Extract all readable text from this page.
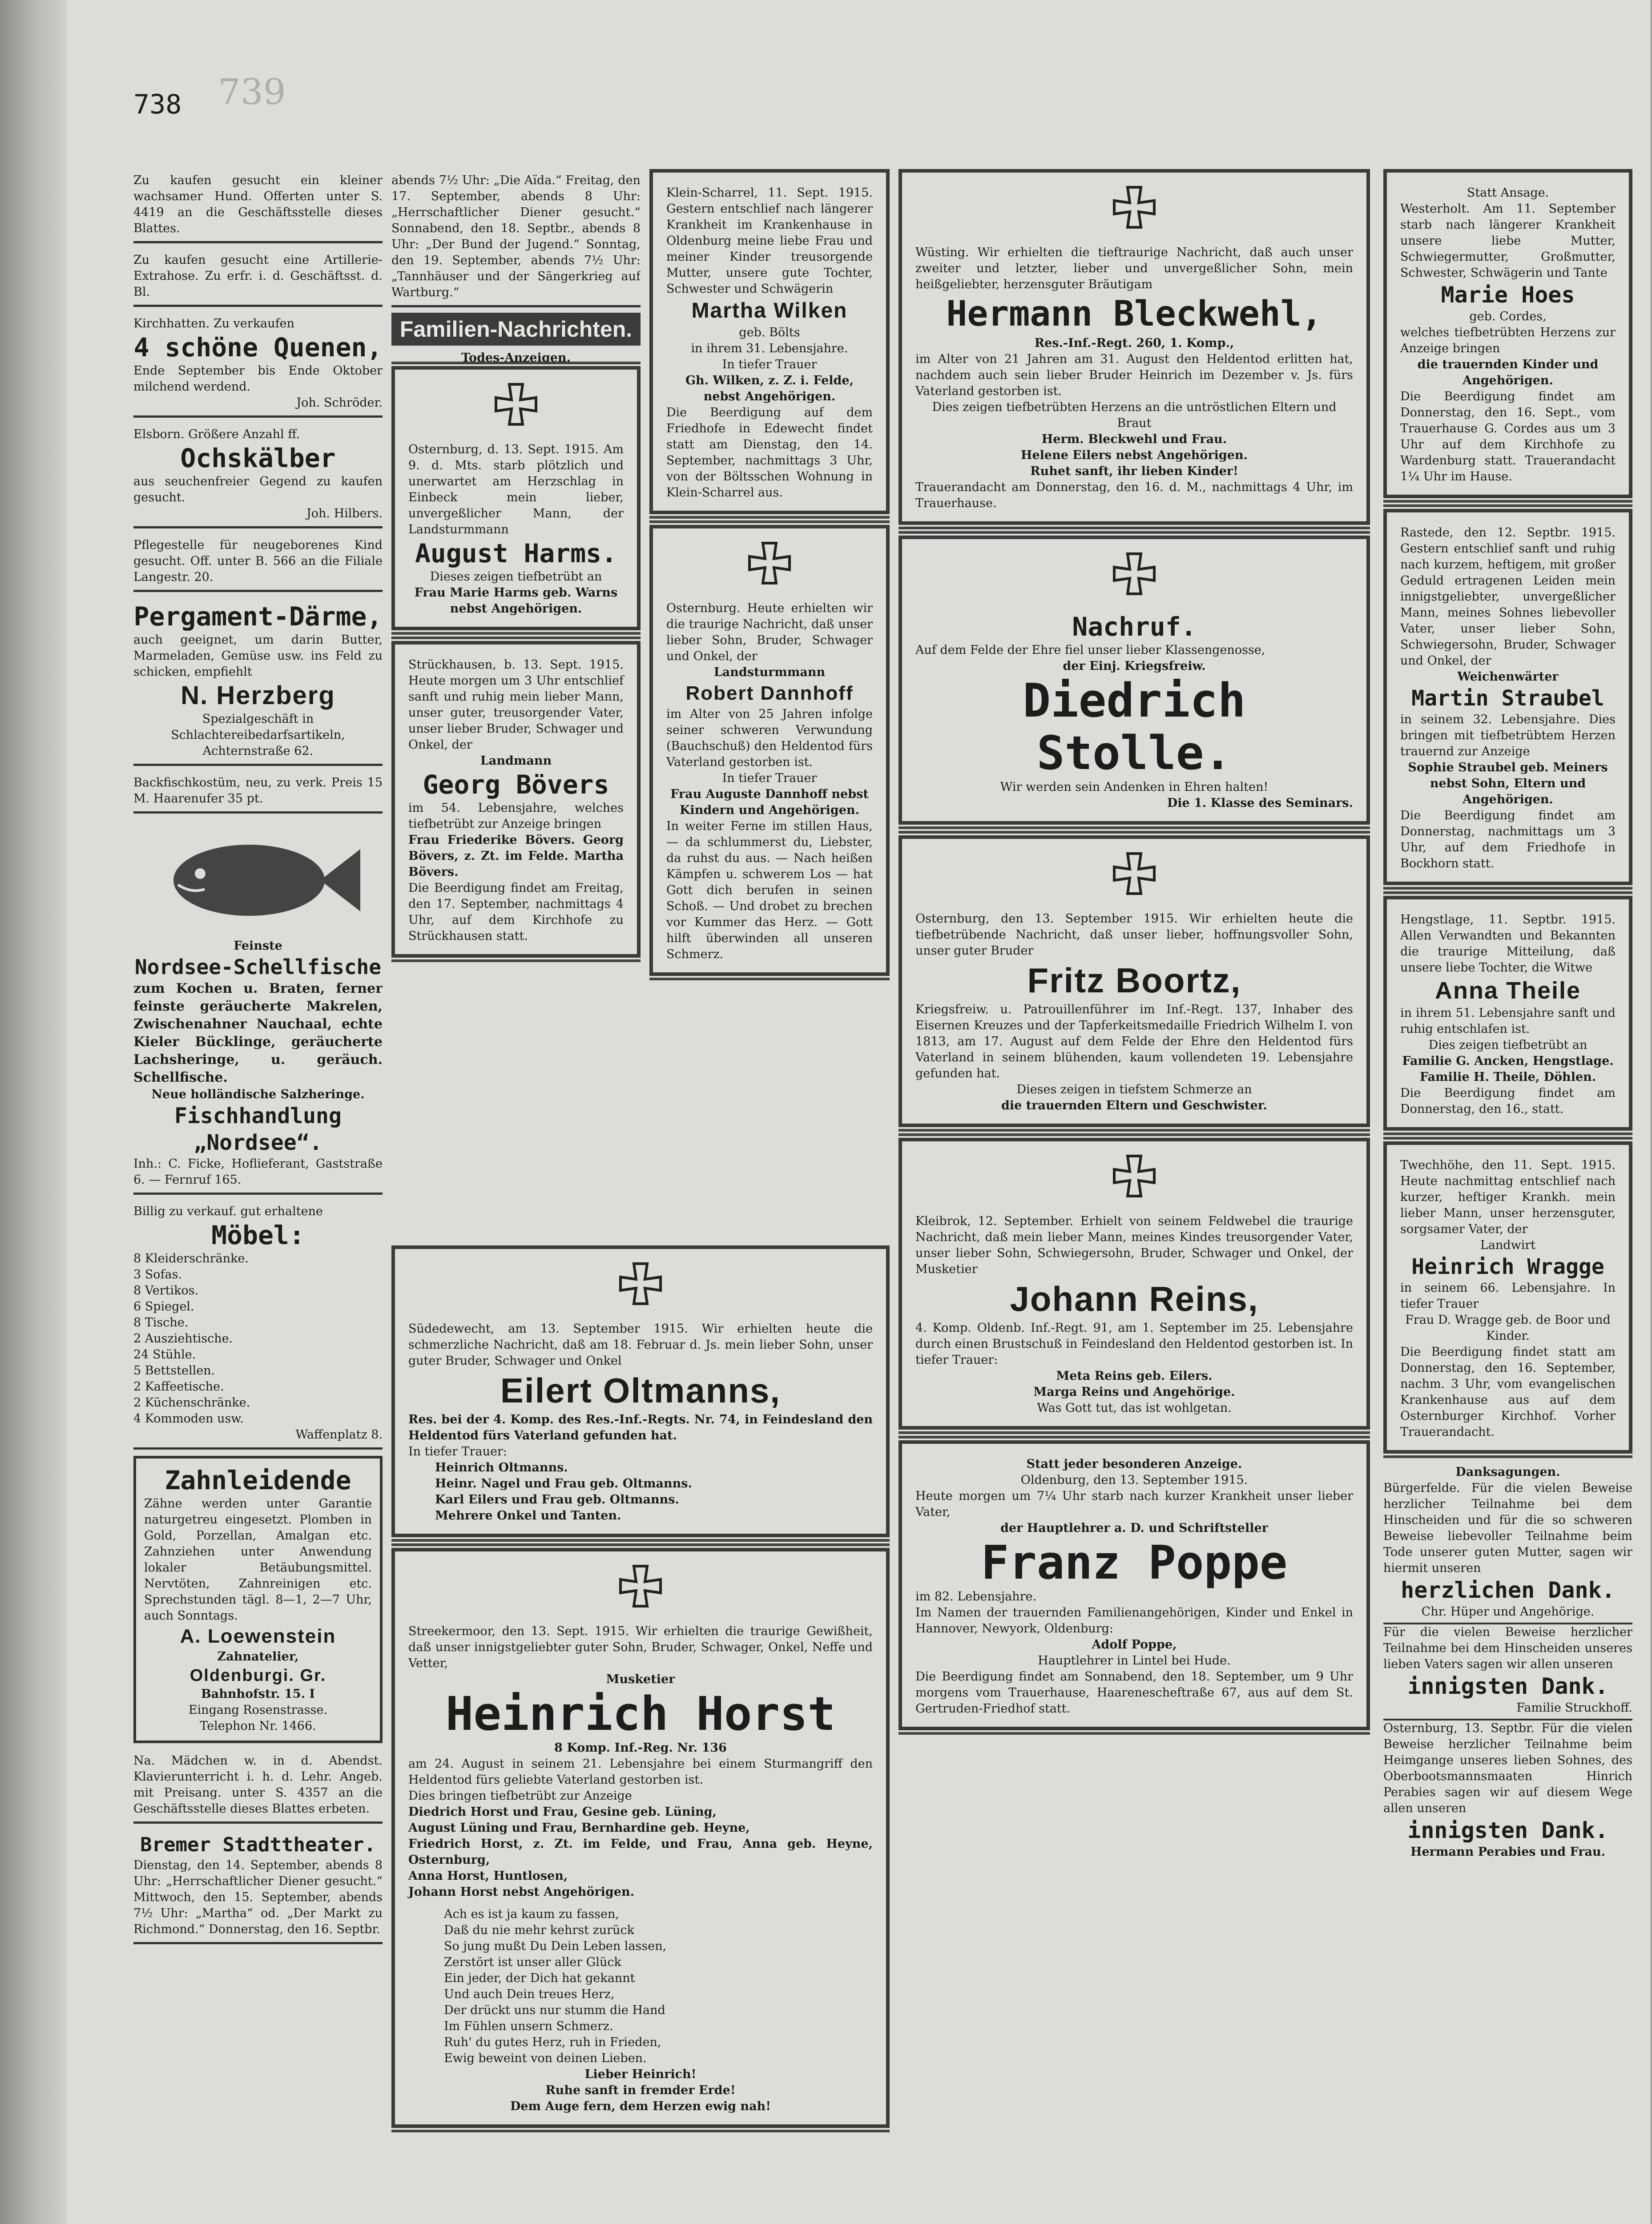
738 739
Zu kaufen gesucht ein kleiner wachsamer Hund. Offerten unter S. 4419 an die Geschäftsstelle dieses Blattes.
Zu kaufen gesucht eine Artillerie-Extrahose. Zu erfr. i. d. Geschäftsst. d. Bl.
Kirchhatten. Zu verkaufen
4 schöne Quenen,
Ende September bis Ende Oktober milchend werdend.
Joh. Schröder.
Elsborn. Größere Anzahl ff.
Ochskälber
aus seuchenfreier Gegend zu kaufen gesucht.
Joh. Hilbers.
Pflegestelle für neugeborenes Kind gesucht. Off. unter B. 566 an die Filiale Langestr. 20.
Pergament-Därme,
auch geeignet, um darin Butter, Marmeladen, Gemüse usw. ins Feld zu schicken, empfiehlt
N. Herzberg
Spezialgeschäft in Schlachtereibedarfsartikeln, Achternstraße 62.
Backfischkostüm, neu, zu verk. Preis 15 M. Haarenufer 35 pt.
Feinste
Nordsee-Schellfische
zum Kochen u. Braten, ferner feinste geräucherte Makrelen, Zwischenahner Nauchaal, echte Kieler Bücklinge, geräucherte Lachsheringe, u. geräuch. Schellfische.
Neue holländische Salzheringe.
Fischhandlung „Nordsee“.
Inh.: C. Ficke, Hoflieferant, Gaststraße 6. — Fernruf 165.
Billig zu verkauf. gut erhaltene
Möbel:
8 Kleiderschränke.
3 Sofas.
8 Vertikos.
6 Spiegel.
8 Tische.
2 Ausziehtische.
24 Stühle.
5 Bettstellen.
2 Kaffeetische.
2 Küchenschränke.
4 Kommoden usw.
Waffenplatz 8.
Zahnleidende
Zähne werden unter Garantie naturgetreu eingesetzt. Plomben in Gold, Porzellan, Amalgan etc. Zahnziehen unter Anwendung lokaler Betäubungsmittel. Nervtöten, Zahnreinigen etc. Sprechstunden tägl. 8—1, 2—7 Uhr, auch Sonntags.
A. Loewenstein
Zahnatelier,
Oldenburgi. Gr.
Bahnhofstr. 15. I
Eingang Rosenstrasse.
Telephon Nr. 1466.
Na. Mädchen w. in d. Abendst. Klavierunterricht i. h. d. Lehr. Angeb. mit Preisang. unter S. 4357 an die Geschäftsstelle dieses Blattes erbeten.
Bremer Stadttheater.
Dienstag, den 14. September, abends 8 Uhr: „Herrschaftlicher Diener gesucht.“ Mittwoch, den 15. September, abends 7½ Uhr: „Martha“ od. „Der Markt zu Richmond.“ Donnerstag, den 16. Septbr.
abends 7½ Uhr: „Die Aïda.“ Freitag, den 17. September, abends 8 Uhr: „Herrschaftlicher Diener gesucht.“ Sonnabend, den 18. Septbr., abends 8 Uhr: „Der Bund der Jugend.“ Sonntag, den 19. September, abends 7½ Uhr: „Tannhäuser und der Sängerkrieg auf Wartburg.“
Familien-Nachrichten.
Todes-Anzeigen.
Osternburg, d. 13. Sept. 1915. Am 9. d. Mts. starb plötzlich und unerwartet am Herzschlag in Einbeck mein lieber, unvergeßlicher Mann, der Landsturmmann
August Harms.
Dieses zeigen tiefbetrübt an
Frau Marie Harms geb. Warns nebst Angehörigen.
Strückhausen, b. 13. Sept. 1915. Heute morgen um 3 Uhr entschlief sanft und ruhig mein lieber Mann, unser guter, treusorgender Vater, unser lieber Bruder, Schwager und Onkel, der
Landmann
Georg Bövers
im 54. Lebensjahre, welches tiefbetrübt zur Anzeige bringen
Frau Friederike Bövers. Georg Bövers, z. Zt. im Felde. Martha Bövers.
Die Beerdigung findet am Freitag, den 17. September, nachmittags 4 Uhr, auf dem Kirchhofe zu Strückhausen statt.
Klein-Scharrel, 11. Sept. 1915. Gestern entschlief nach längerer Krankheit im Krankenhause in Oldenburg meine liebe Frau und meiner Kinder treusorgende Mutter, unsere gute Tochter, Schwester und Schwägerin
Martha Wilken
geb. Bölts
in ihrem 31. Lebensjahre.
In tiefer Trauer
Gh. Wilken, z. Z. i. Felde, nebst Angehörigen.
Die Beerdigung auf dem Friedhofe in Edewecht findet statt am Dienstag, den 14. September, nachmittags 3 Uhr, von der Böltsschen Wohnung in Klein-Scharrel aus.
Osternburg. Heute erhielten wir die traurige Nachricht, daß unser lieber Sohn, Bruder, Schwager und Onkel, der
Landsturmmann
Robert Dannhoff
im Alter von 25 Jahren infolge seiner schweren Verwundung (Bauchschuß) den Heldentod fürs Vaterland gestorben ist.
In tiefer Trauer
Frau Auguste Dannhoff nebst Kindern und Angehörigen.
In weiter Ferne im stillen Haus, — da schlummerst du, Liebster, da ruhst du aus. — Nach heißen Kämpfen u. schwerem Los — hat Gott dich berufen in seinen Schoß. — Und drobet zu brechen vor Kummer das Herz. — Gott hilft überwinden all unseren Schmerz.
Südedewecht, am 13. September 1915. Wir erhielten heute die schmerzliche Nachricht, daß am 18. Februar d. Js. mein lieber Sohn, unser guter Bruder, Schwager und Onkel
Eilert Oltmanns,
Res. bei der 4. Komp. des Res.-Inf.-Regts. Nr. 74, in Feindesland den Heldentod fürs Vaterland gefunden hat.
In tiefer Trauer:
Heinrich Oltmanns.
Heinr. Nagel und Frau geb. Oltmanns.
Karl Eilers und Frau geb. Oltmanns.
Mehrere Onkel und Tanten.
Streekermoor, den 13. Sept. 1915. Wir erhielten die traurige Gewißheit, daß unser innigstgeliebter guter Sohn, Bruder, Schwager, Onkel, Neffe und Vetter,
Musketier
Heinrich Horst
8 Komp. Inf.-Reg. Nr. 136
am 24. August in seinem 21. Lebensjahre bei einem Sturmangriff den Heldentod fürs geliebte Vaterland gestorben ist.
Dies bringen tiefbetrübt zur Anzeige
Diedrich Horst und Frau, Gesine geb. Lüning,
August Lüning und Frau, Bernhardine geb. Heyne,
Friedrich Horst, z. Zt. im Felde, und Frau, Anna geb. Heyne, Osternburg,
Anna Horst, Huntlosen,
Johann Horst nebst Angehörigen.
Ach es ist ja kaum zu fassen,
Daß du nie mehr kehrst zurück
So jung mußt Du Dein Leben lassen,
Zerstört ist unser aller Glück
Ein jeder, der Dich hat gekannt
Und auch Dein treues Herz,
Der drückt uns nur stumm die Hand
Im Fühlen unsern Schmerz.
Ruh' du gutes Herz, ruh in Frieden,
Ewig beweint von deinen Lieben.
Lieber Heinrich!
Ruhe sanft in fremder Erde!
Dem Auge fern, dem Herzen ewig nah!
Wüsting. Wir erhielten die tieftraurige Nachricht, daß auch unser zweiter und letzter, lieber und unvergeßlicher Sohn, mein heißgeliebter, herzensguter Bräutigam
Hermann Bleckwehl,
Res.-Inf.-Regt. 260, 1. Komp.,
im Alter von 21 Jahren am 31. August den Heldentod erlitten hat, nachdem auch sein lieber Bruder Heinrich im Dezember v. Js. fürs Vaterland gestorben ist.
Dies zeigen tiefbetrübten Herzens an die untröstlichen Eltern und Braut
Herm. Bleckwehl und Frau.
Helene Eilers nebst Angehörigen.
Ruhet sanft, ihr lieben Kinder!
Trauerandacht am Donnerstag, den 16. d. M., nachmittags 4 Uhr, im Trauerhause.
Nachruf.
Auf dem Felde der Ehre fiel unser lieber Klassengenosse,
der Einj. Kriegsfreiw.
Diedrich Stolle.
Wir werden sein Andenken in Ehren halten!
Die 1. Klasse des Seminars.
Osternburg, den 13. September 1915. Wir erhielten heute die tiefbetrübende Nachricht, daß unser lieber, hoffnungsvoller Sohn, unser guter Bruder
Fritz Boortz,
Kriegsfreiw. u. Patrouillenführer im Inf.-Regt. 137, Inhaber des Eisernen Kreuzes und der Tapferkeitsmedaille Friedrich Wilhelm I. von 1813, am 17. August auf dem Felde der Ehre den Heldentod fürs Vaterland in seinem blühenden, kaum vollendeten 19. Lebensjahre gefunden hat.
Dieses zeigen in tiefstem Schmerze an
die trauernden Eltern und Geschwister.
Kleibrok, 12. September. Erhielt von seinem Feldwebel die traurige Nachricht, daß mein lieber Mann, meines Kindes treusorgender Vater, unser lieber Sohn, Schwiegersohn, Bruder, Schwager und Onkel, der Musketier
Johann Reins,
4. Komp. Oldenb. Inf.-Regt. 91, am 1. September im 25. Lebensjahre durch einen Brustschuß in Feindesland den Heldentod gestorben ist. In tiefer Trauer:
Meta Reins geb. Eilers.
Marga Reins und Angehörige.
Was Gott tut, das ist wohlgetan.
Statt jeder besonderen Anzeige.
Oldenburg, den 13. September 1915.
Heute morgen um 7¼ Uhr starb nach kurzer Krankheit unser lieber Vater,
der Hauptlehrer a. D. und Schriftsteller
Franz Poppe
im 82. Lebensjahre.
Im Namen der trauernden Familienangehörigen, Kinder und Enkel in Hannover, Newyork, Oldenburg:
Adolf Poppe,
Hauptlehrer in Lintel bei Hude.
Die Beerdigung findet am Sonnabend, den 18. September, um 9 Uhr morgens vom Trauerhause, Haarenescheftraße 67, aus auf dem St. Gertruden-Friedhof statt.
Statt Ansage.
Westerholt. Am 11. September starb nach längerer Krankheit unsere liebe Mutter, Schwiegermutter, Großmutter, Schwester, Schwägerin und Tante
Marie Hoes
geb. Cordes,
welches tiefbetrübten Herzens zur Anzeige bringen
die trauernden Kinder und Angehörigen.
Die Beerdigung findet am Donnerstag, den 16. Sept., vom Trauerhause G. Cordes aus um 3 Uhr auf dem Kirchhofe zu Wardenburg statt. Trauerandacht 1¼ Uhr im Hause.
Rastede, den 12. Septbr. 1915. Gestern entschlief sanft und ruhig nach kurzem, heftigem, mit großer Geduld ertragenen Leiden mein innigstgeliebter, unvergeßlicher Mann, meines Sohnes liebevoller Vater, unser lieber Sohn, Schwiegersohn, Bruder, Schwager und Onkel, der
Weichenwärter
Martin Straubel
in seinem 32. Lebensjahre. Dies bringen mit tiefbetrübtem Herzen trauernd zur Anzeige
Sophie Straubel geb. Meiners nebst Sohn, Eltern und Angehörigen.
Die Beerdigung findet am Donnerstag, nachmittags um 3 Uhr, auf dem Friedhofe in Bockhorn statt.
Hengstlage, 11. Septbr. 1915. Allen Verwandten und Bekannten die traurige Mitteilung, daß unsere liebe Tochter, die Witwe
Anna Theile
in ihrem 51. Lebensjahre sanft und ruhig entschlafen ist.
Dies zeigen tiefbetrübt an
Familie G. Ancken, Hengstlage. Familie H. Theile, Döhlen.
Die Beerdigung findet am Donnerstag, den 16., statt.
Twechhöhe, den 11. Sept. 1915. Heute nachmittag entschlief nach kurzer, heftiger Krankh. mein lieber Mann, unser herzensguter, sorgsamer Vater, der
Landwirt
Heinrich Wragge
in seinem 66. Lebensjahre. In tiefer Trauer
Frau D. Wragge geb. de Boor und Kinder.
Die Beerdigung findet statt am Donnerstag, den 16. September, nachm. 3 Uhr, vom evangelischen Krankenhause aus auf dem Osternburger Kirchhof. Vorher Trauerandacht.
Danksagungen.
Bürgerfelde. Für die vielen Beweise herzlicher Teilnahme bei dem Hinscheiden und für die so schweren Beweise liebevoller Teilnahme beim Tode unserer guten Mutter, sagen wir hiermit unseren
herzlichen Dank.
Chr. Hüper und Angehörige.
Für die vielen Beweise herzlicher Teilnahme bei dem Hinscheiden unseres lieben Vaters sagen wir allen unseren
innigsten Dank.
Familie Struckhoff.
Osternburg, 13. Septbr. Für die vielen Beweise herzlicher Teilnahme beim Heimgange unseres lieben Sohnes, des Oberbootsmannsmaaten Hinrich Perabies sagen wir auf diesem Wege allen unseren
innigsten Dank.
Hermann Perabies und Frau.
